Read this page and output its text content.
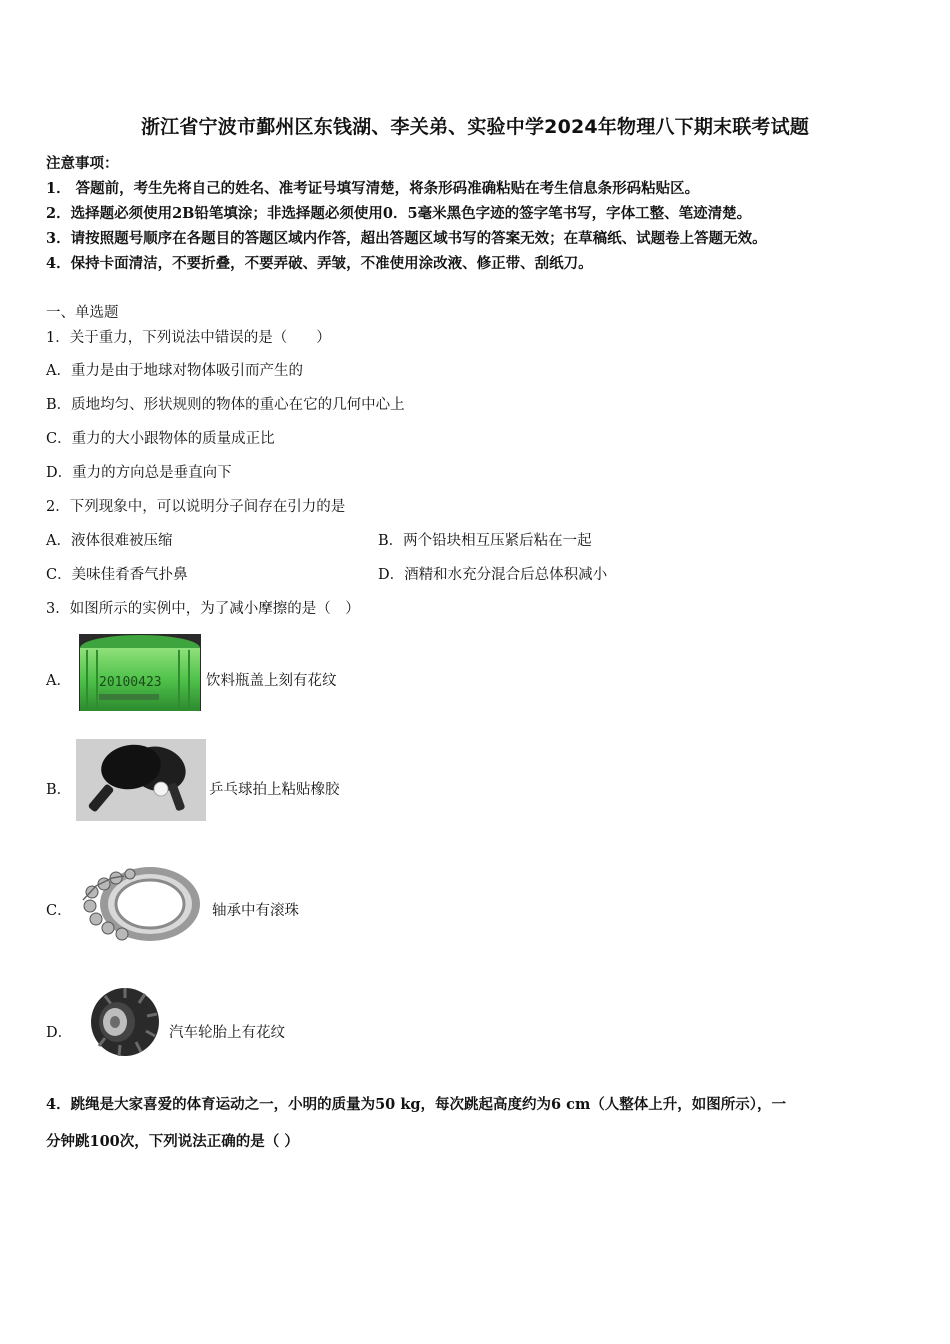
浙江省宁波市鄞州区东钱湖、李关弟、实验中学2024年物理八下期末联考试题
注意事项：
1． 答题前，考生先将自己的姓名、准考证号填写清楚，将条形码准确粘贴在考生信息条形码粘贴区。
2．选择题必须使用2B铅笔填涂；非选择题必须使用0．5毫米黑色字迹的签字笔书写，字体工整、笔迹清楚。
3．请按照题号顺序在各题目的答题区域内作答，超出答题区域书写的答案无效；在草稿纸、试题卷上答题无效。
4．保持卡面清洁，不要折叠，不要弄破、弄皱，不准使用涂改液、修正带、刮纸刀。
一、单选题
1．关于重力，下列说法中错误的是（　　）
A．重力是由于地球对物体吸引而产生的
B．质地均匀、形状规则的物体的重心在它的几何中心上
C．重力的大小跟物体的质量成正比
D．重力的方向总是垂直向下
2．下列现象中，可以说明分子间存在引力的是
A．液体很难被压缩	B．两个铅块相互压紧后粘在一起
C．美味佳肴香气扑鼻	D．酒精和水充分混合后总体积减小
3．如图所示的实例中，为了减小摩擦的是（　）
A． 20100423	饮料瓶盖上刻有花纹
B．	乒乓球拍上粘贴橡胶
C．	轴承中有滚珠
D．	汽车轮胎上有花纹
4．跳绳是大家喜爱的体育运动之一，小明的质量为50 kg，每次跳起高度约为6 cm（人整体上升，如图所示），一
分钟跳100次，下列说法正确的是（ ）
